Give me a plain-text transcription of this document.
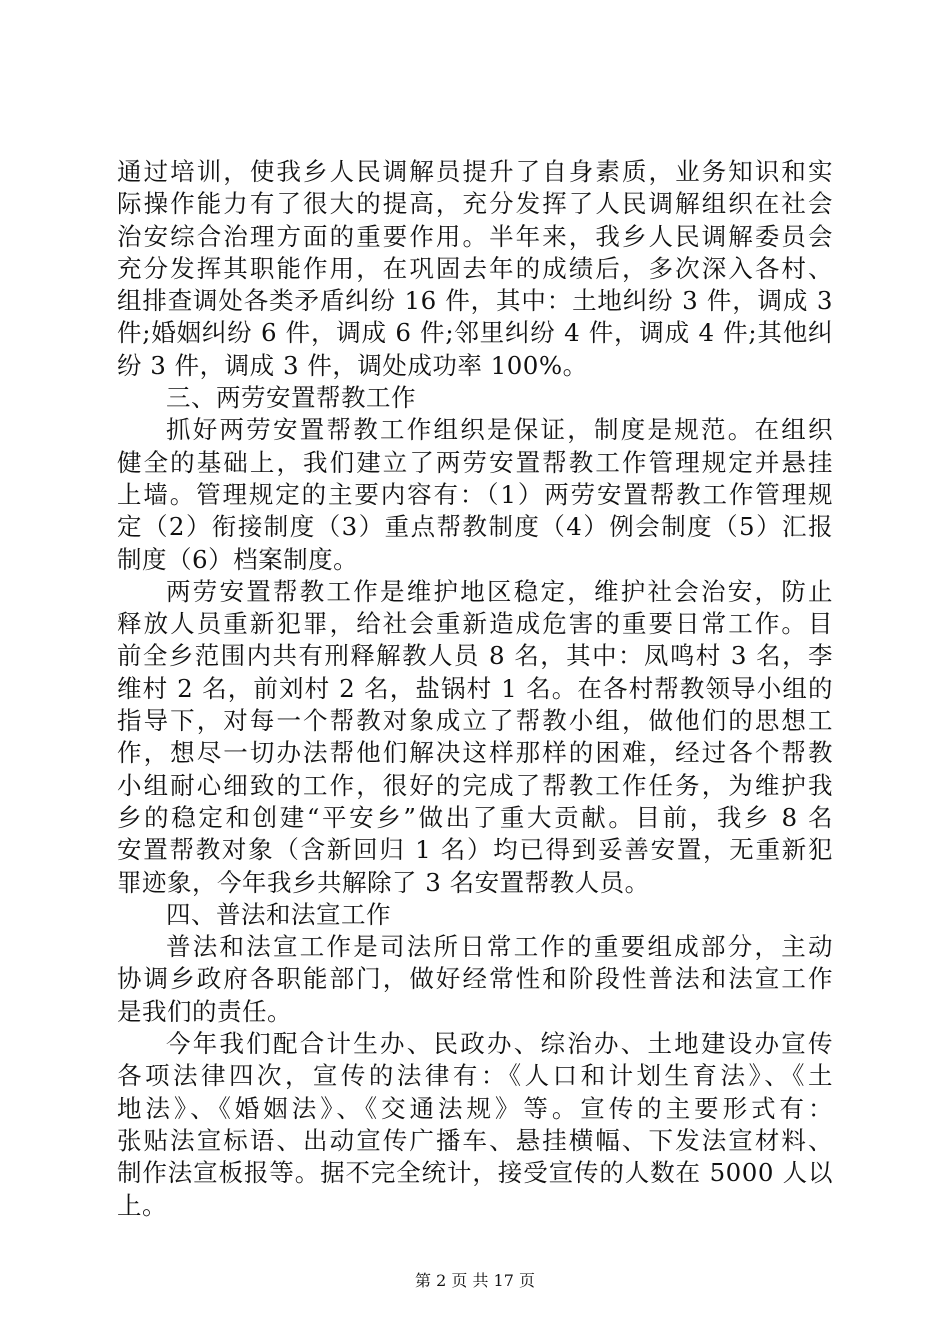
通过培训，使我乡人民调解员提升了自身素质，业务知识和实
际操作能力有了很大的提高，充分发挥了人民调解组织在社会
治安综合治理方面的重要作用。半年来，我乡人民调解委员会
充分发挥其职能作用，在巩固去年的成绩后，多次深入各村、
组排查调处各类矛盾纠纷 16 件，其中：土地纠纷 3 件，调成 3
件;婚姻纠纷 6 件，调成 6 件;邻里纠纷 4 件，调成 4 件;其他纠
纷 3 件，调成 3 件，调处成功率 100%。
三、两劳安置帮教工作
抓好两劳安置帮教工作组织是保证，制度是规范。在组织
健全的基础上，我们建立了两劳安置帮教工作管理规定并悬挂
上墙。管理规定的主要内容有：（1）两劳安置帮教工作管理规
定（2）衔接制度（3）重点帮教制度（4）例会制度（5）汇报
制度（6）档案制度。
两劳安置帮教工作是维护地区稳定，维护社会治安，防止
释放人员重新犯罪，给社会重新造成危害的重要日常工作。目
前全乡范围内共有刑释解教人员 8 名，其中：凤鸣村 3 名，李
维村 2 名，前刘村 2 名，盐锅村 1 名。在各村帮教领导小组的
指导下，对每一个帮教对象成立了帮教小组，做他们的思想工
作，想尽一切办法帮他们解决这样那样的困难，经过各个帮教
小组耐心细致的工作，很好的完成了帮教工作任务，为维护我
乡的稳定和创建“平安乡”做出了重大贡献。目前，我乡 8 名
安置帮教对象（含新回归 1 名）均已得到妥善安置，无重新犯
罪迹象，今年我乡共解除了 3 名安置帮教人员。
四、普法和法宣工作
普法和法宣工作是司法所日常工作的重要组成部分，主动
协调乡政府各职能部门，做好经常性和阶段性普法和法宣工作
是我们的责任。
今年我们配合计生办、民政办、综治办、土地建设办宣传
各项法律四次，宣传的法律有：《人口和计划生育法》、《土
地法》、《婚姻法》、《交通法规》等。宣传的主要形式有：
张贴法宣标语、出动宣传广播车、悬挂横幅、下发法宣材料、
制作法宣板报等。据不完全统计，接受宣传的人数在 5000 人以
上。
第 2 页 共 17 页
